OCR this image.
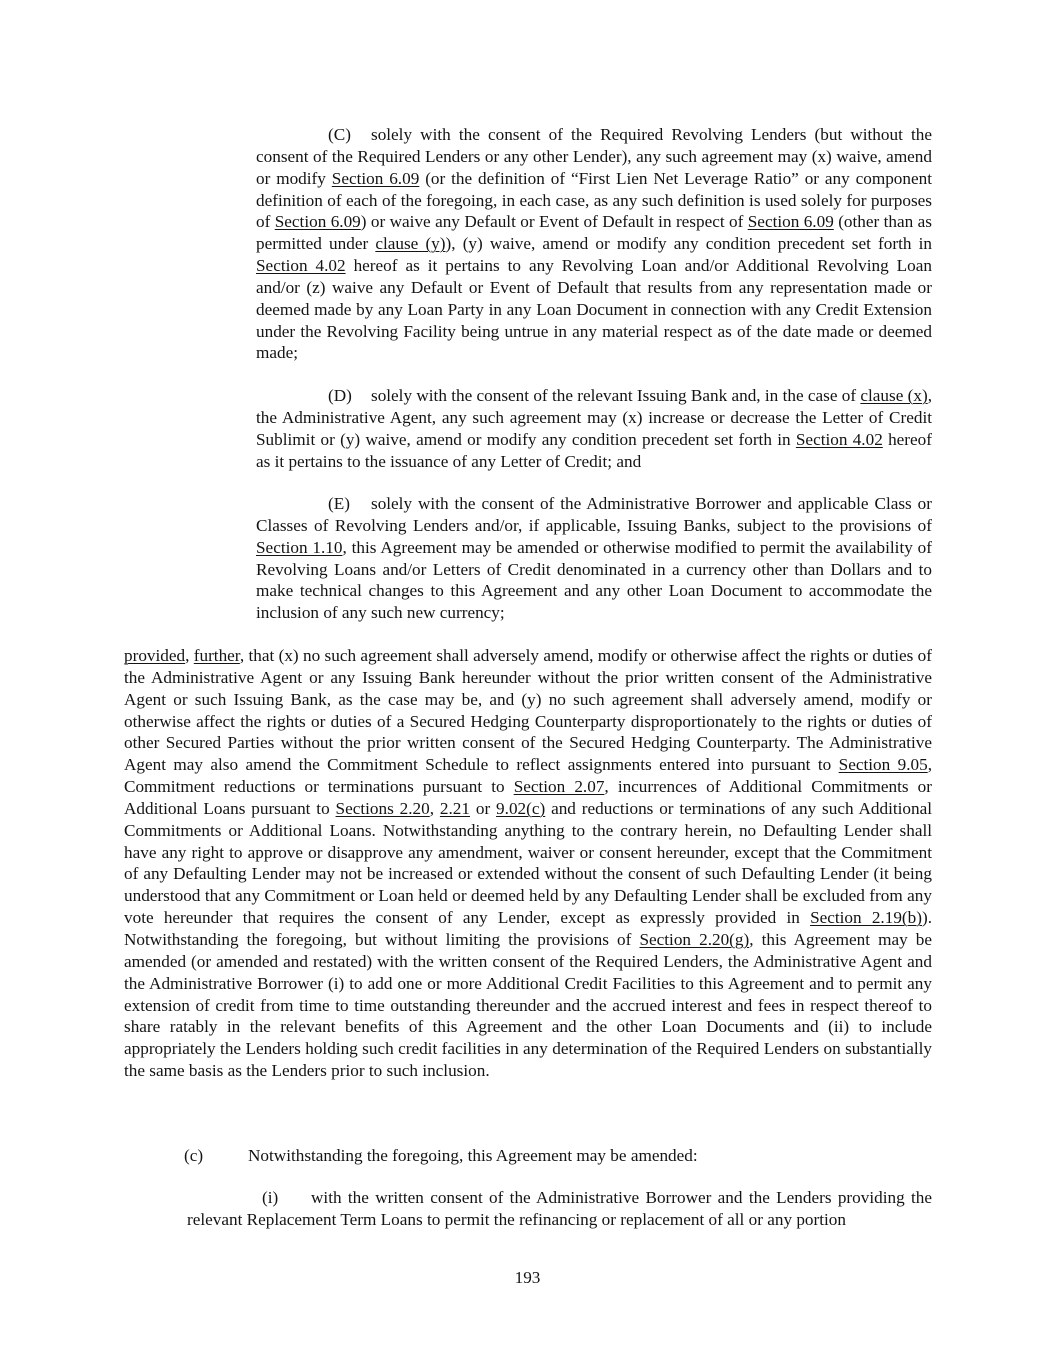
(C) solely with the consent of the Required Revolving Lenders (but without the consent of the Required Lenders or any other Lender), any such agreement may (x) waive, amend or modify Section 6.09 (or the definition of “First Lien Net Leverage Ratio” or any component definition of each of the foregoing, in each case, as any such definition is used solely for purposes of Section 6.09) or waive any Default or Event of Default in respect of Section 6.09 (other than as permitted under clause (y)), (y) waive, amend or modify any condition precedent set forth in Section 4.02 hereof as it pertains to any Revolving Loan and/or Additional Revolving Loan and/or (z) waive any Default or Event of Default that results from any representation made or deemed made by any Loan Party in any Loan Document in connection with any Credit Extension under the Revolving Facility being untrue in any material respect as of the date made or deemed made;

(D) solely with the consent of the relevant Issuing Bank and, in the case of clause (x), the Administrative Agent, any such agreement may (x) increase or decrease the Letter of Credit Sublimit or (y) waive, amend or modify any condition precedent set forth in Section 4.02 hereof as it pertains to the issuance of any Letter of Credit; and

(E) solely with the consent of the Administrative Borrower and applicable Class or Classes of Revolving Lenders and/or, if applicable, Issuing Banks, subject to the provisions of Section 1.10, this Agreement may be amended or otherwise modified to permit the availability of Revolving Loans and/or Letters of Credit denominated in a currency other than Dollars and to make technical changes to this Agreement and any other Loan Document to accommodate the inclusion of any such new currency;

provided, further, that (x) no such agreement shall adversely amend, modify or otherwise affect the rights or duties of the Administrative Agent or any Issuing Bank hereunder without the prior written consent of the Administrative Agent or such Issuing Bank, as the case may be, and (y) no such agreement shall adversely amend, modify or otherwise affect the rights or duties of a Secured Hedging Counterparty disproportionately to the rights or duties of other Secured Parties without the prior written consent of the Secured Hedging Counterparty. The Administrative Agent may also amend the Commitment Schedule to reflect assignments entered into pursuant to Section 9.05, Commitment reductions or terminations pursuant to Section 2.07, incurrences of Additional Commitments or Additional Loans pursuant to Sections 2.20, 2.21 or 9.02(c) and reductions or terminations of any such Additional Commitments or Additional Loans. Notwithstanding anything to the contrary herein, no Defaulting Lender shall have any right to approve or disapprove any amendment, waiver or consent hereunder, except that the Commitment of any Defaulting Lender may not be increased or extended without the consent of such Defaulting Lender (it being understood that any Commitment or Loan held or deemed held by any Defaulting Lender shall be excluded from any vote hereunder that requires the consent of any Lender, except as expressly provided in Section 2.19(b)). Notwithstanding the foregoing, but without limiting the provisions of Section 2.20(g), this Agreement may be amended (or amended and restated) with the written consent of the Required Lenders, the Administrative Agent and the Administrative Borrower (i) to add one or more Additional Credit Facilities to this Agreement and to permit any extension of credit from time to time outstanding thereunder and the accrued interest and fees in respect thereof to share ratably in the relevant benefits of this Agreement and the other Loan Documents and (ii) to include appropriately the Lenders holding such credit facilities in any determination of the Required Lenders on substantially the same basis as the Lenders prior to such inclusion.

(c)	Notwithstanding the foregoing, this Agreement may be amended:

(i) with the written consent of the Administrative Borrower and the Lenders providing the relevant Replacement Term Loans to permit the refinancing or replacement of all or any portion

193
